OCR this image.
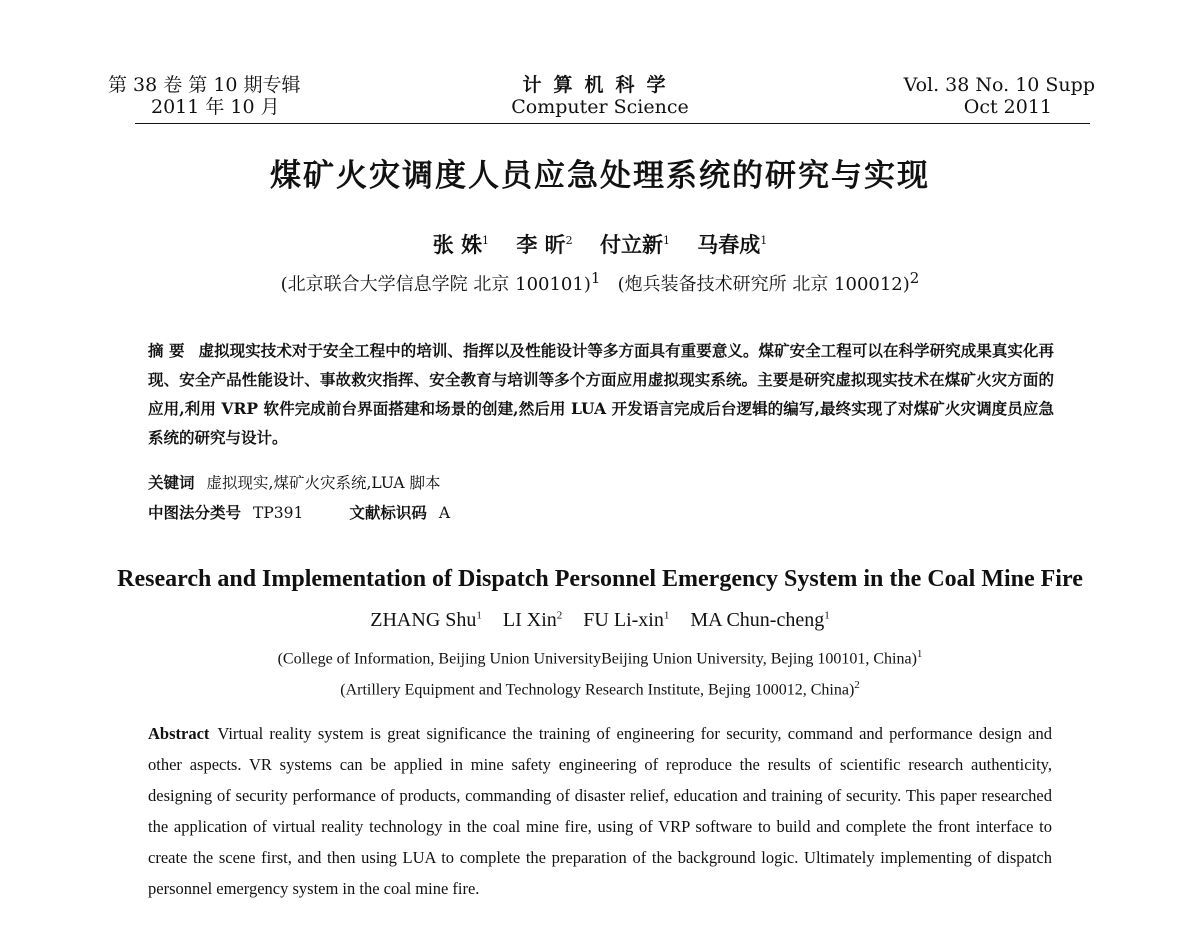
第 38 卷 第 10 期专辑
2011 年 10 月
计算机科学
Computer Science
Vol. 38 No. 10 Supp
Oct 2011
煤矿火灾调度人员应急处理系统的研究与实现
张 姝$^1$ 李 昕$^2$ 付立新$^1$ 马春成$^1$
(北京联合大学信息学院 北京 100101)$^1$ (炮兵装备技术研究所 北京 100012)$^2$
摘 要 虚拟现实技术对于安全工程中的培训、指挥以及性能设计等多方面具有重要意义。煤矿安全工程可以在科学研究成果真实化再现、安全产品性能设计、事故救灾指挥、安全教育与培训等多个方面应用虚拟现实系统。主要是研究虚拟现实技术在煤矿火灾方面的应用,利用 VRP 软件完成前台界面搭建和场景的创建,然后用 LUA 开发语言完成后台逻辑的编写,最终实现了对煤矿火灾调度员应急系统的研究与设计。
关键词 虚拟现实,煤矿火灾系统,LUA 脚本
中图法分类号 TP391	文献标识码 A
Research and Implementation of Dispatch Personnel Emergency System in the Coal Mine Fire
ZHANG Shu$^1$ LI Xin$^2$ FU Li-xin$^1$ MA Chun-cheng$^1$
(College of Information, Beijing Union UniversityBeijing Union University, Bejing 100101, China)$^1$
(Artillery Equipment and Technology Research Institute, Bejing 100012, China)$^2$

Abstract Virtual reality system is great significance the training of engineering for security, command and performance design and other aspects. VR systems can be applied in mine safety engineering of reproduce the results of scientific research authenticity, designing of security performance of products, commanding of disaster relief, education and training of security. This paper researched the application of virtual reality technology in the coal mine fire, using of VRP software to build and complete the front interface to create the scene first, and then using LUA to complete the preparation of the background logic. Ultimately implementing of dispatch personnel emergency system in the coal mine fire.
